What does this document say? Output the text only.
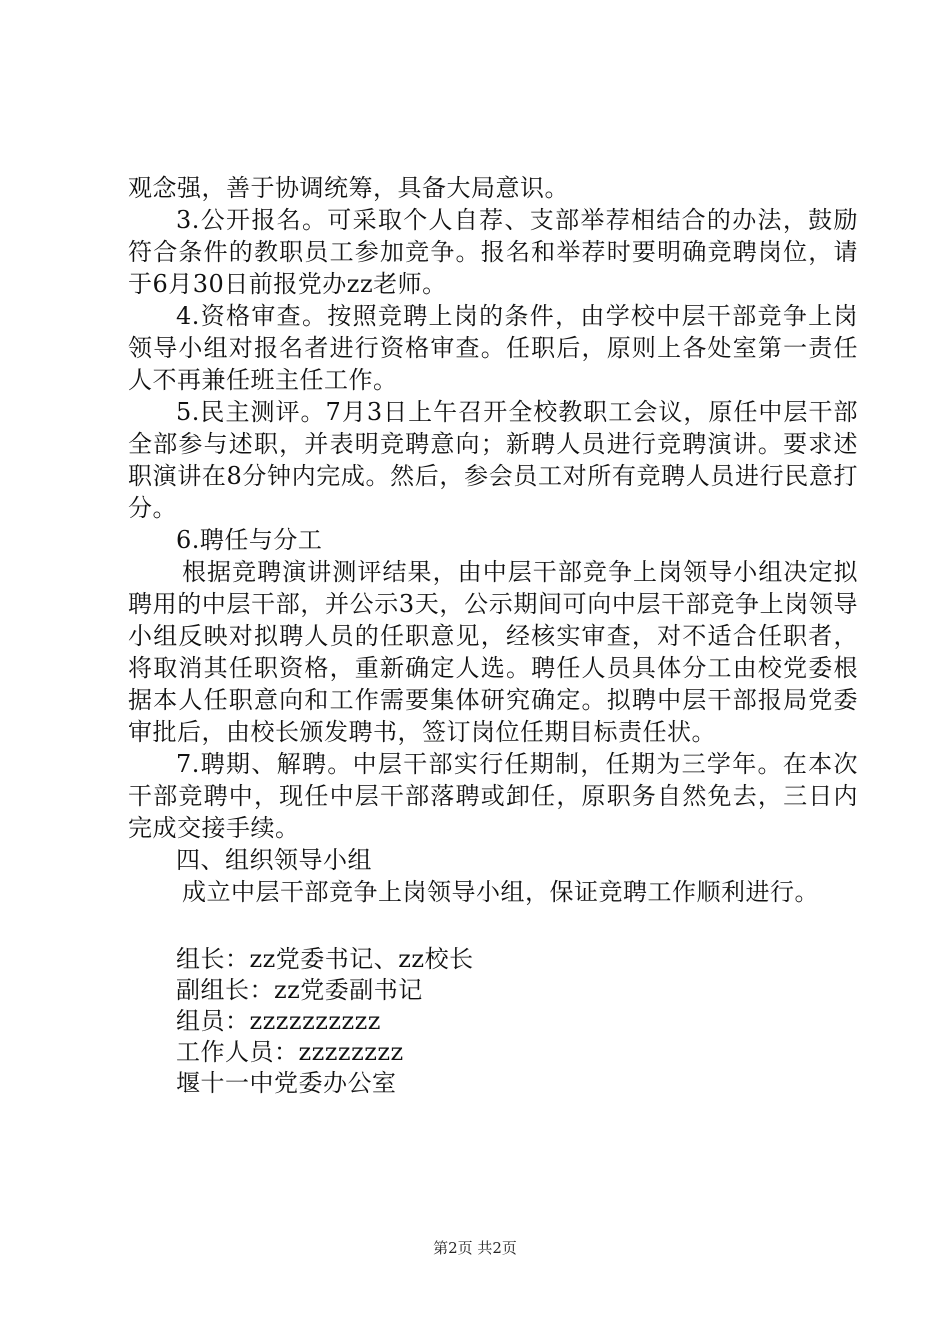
观念强，善于协调统筹，具备大局意识。

3.公开报名。可采取个人自荐、支部举荐相结合的办法，鼓励符合条件的教职员工参加竞争。报名和举荐时要明确竞聘岗位，请于6月30日前报党办zz老师。

4.资格审查。按照竞聘上岗的条件，由学校中层干部竞争上岗领导小组对报名者进行资格审查。任职后，原则上各处室第一责任人不再兼任班主任工作。

5.民主测评。7月3日上午召开全校教职工会议，原任中层干部全部参与述职，并表明竞聘意向；新聘人员进行竞聘演讲。要求述职演讲在8分钟内完成。然后，参会员工对所有竞聘人员进行民意打分。

6.聘任与分工

根据竞聘演讲测评结果，由中层干部竞争上岗领导小组决定拟聘用的中层干部，并公示3天，公示期间可向中层干部竞争上岗领导小组反映对拟聘人员的任职意见，经核实审查，对不适合任职者，将取消其任职资格，重新确定人选。聘任人员具体分工由校党委根据本人任职意向和工作需要集体研究确定。拟聘中层干部报局党委审批后，由校长颁发聘书，签订岗位任期目标责任状。

7.聘期、解聘。中层干部实行任期制，任期为三学年。在本次干部竞聘中，现任中层干部落聘或卸任，原职务自然免去，三日内完成交接手续。

四、组织领导小组

成立中层干部竞争上岗领导小组，保证竞聘工作顺利进行。

组长：zz党委书记、zz校长

副组长：zz党委副书记

组员：zzzzzzzzzz

工作人员：zzzzzzzz

堰十一中党委办公室

第2页 共2页
